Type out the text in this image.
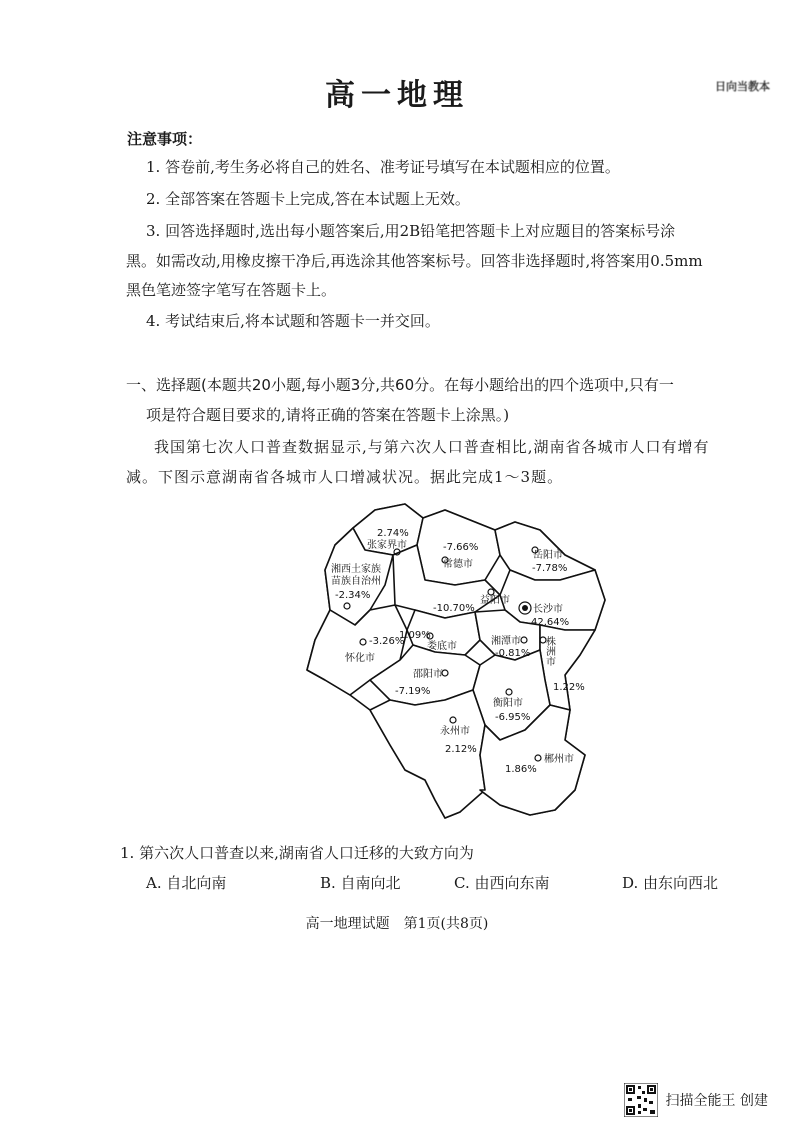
高一地理	日向当教本
注意事项：
1. 答卷前,考生务必将自己的姓名、准考证号填写在本试题相应的位置。
2. 全部答案在答题卡上完成,答在本试题上无效。
3. 回答选择题时,选出每小题答案后,用2B铅笔把答题卡上对应题目的答案标号涂
黑。如需改动,用橡皮擦干净后,再选涂其他答案标号。回答非选择题时,将答案用0.5mm
黑色笔迹签字笔写在答题卡上。
4. 考试结束后,将本试题和答题卡一并交回。
一、选择题(本题共20小题,每小题3分,共60分。在每小题给出的四个选项中,只有一
项是符合题目要求的,请将正确的答案在答题卡上涂黑。)
我国第七次人口普查数据显示,与第六次人口普查相比,湖南省各城市人口有增有
减。下图示意湖南省各城市人口增减状况。据此完成1～3题。
2.74%
张家界市	-7.66%
常德市
岳阳市
-7.78%
湘西土家族
苗族自治州
-2.34%	益阳市
-10.70%	长沙市
42.64%
-3.26%
怀化市
1.09%
娄底市	湘潭市
-0.81% 株洲市
1.22%
邵阳市
-7.19%
衡阳市
-6.95%
永州市
2.12%
郴州市
1.86%
1. 第六次人口普查以来,湖南省人口迁移的大致方向为
A. 自北向南	B. 自南向北	C. 由西向东南	D. 由东向西北
高一地理试题　第1页(共8页)
扫描全能王 创建
